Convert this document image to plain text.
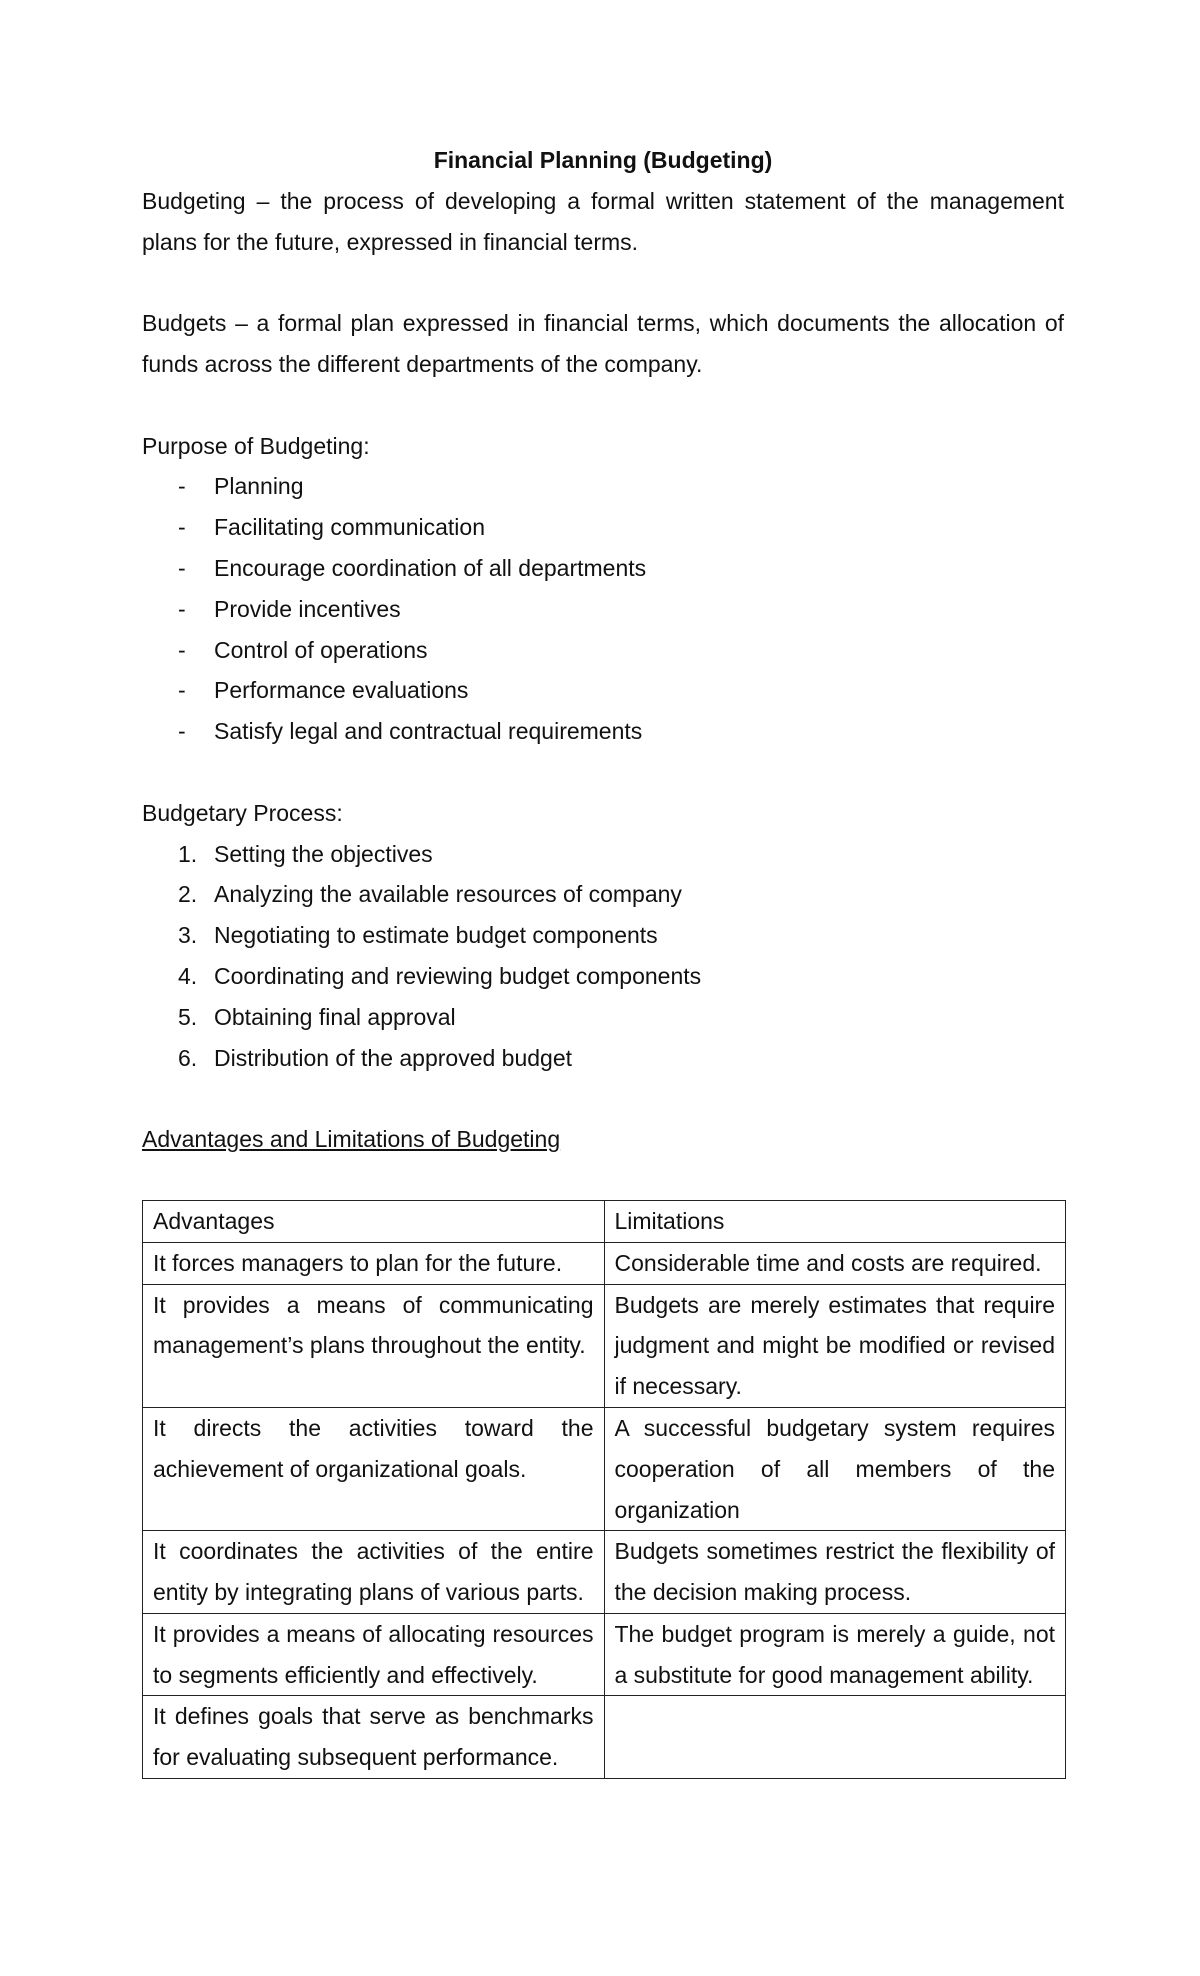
Financial Planning (Budgeting)

Budgeting – the process of developing a formal written statement of the management plans for the future, expressed in financial terms.

Budgets – a formal plan expressed in financial terms, which documents the allocation of funds across the different departments of the company.

Purpose of Budgeting:

- Planning
- Facilitating communication
- Encourage coordination of all departments
- Provide incentives
- Control of operations
- Performance evaluations
- Satisfy legal and contractual requirements

Budgetary Process:

1. Setting the objectives
2. Analyzing the available resources of company
3. Negotiating to estimate budget components
4. Coordinating and reviewing budget components
5. Obtaining final approval
6. Distribution of the approved budget

Advantages and Limitations of Budgeting

Advantages	Limitations
It forces managers to plan for the future.	Considerable time and costs are required.
It provides a means of communicating management’s plans throughout the entity.	Budgets are merely estimates that require judgment and might be modified or revised if necessary.
It directs the activities toward the achievement of organizational goals.	A successful budgetary system requires cooperation of all members of the organization
It coordinates the activities of the entire entity by integrating plans of various parts.	Budgets sometimes restrict the flexibility of the decision making process.
It provides a means of allocating resources to segments efficiently and effectively.	The budget program is merely a guide, not a substitute for good management ability.
It defines goals that serve as benchmarks for evaluating subsequent performance.	
